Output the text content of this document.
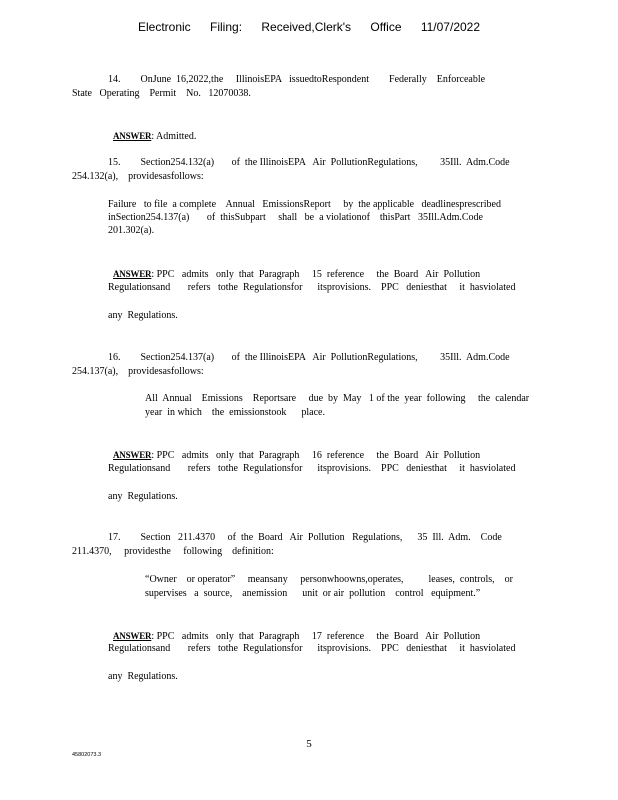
Electronic Filing: Received,Clerk's Office 11/07/2022
14.        OnJune  16,2022,the     IllinoisEPA   issuedtoRespondent        Federally    Enforceable
State   Operating    Permit    No.   12070038.

ANSWER: Admitted.

15.        Section254.132(a)       of  the IllinoisEPA   Air  PollutionRegulations,         35Ill.  Adm.Code
254.132(a),    providesasfollows:
Failure   to file  a complete    Annual   EmissionsReport     by  the applicable   deadlinesprescribed
inSection254.137(a)       of  thisSubpart     shall   be  a violationof    thisPart   35Ill.Adm.Code
201.302(a).

ANSWER: PPC   admits   only  that  Paragraph     15  reference     the  Board   Air  Pollution

Regulationsand       refers   tothe  Regulationsfor      itsprovisions.    PPC   deniesthat     it  hasviolated
any  Regulations.
16.        Section254.137(a)       of  the IllinoisEPA   Air  PollutionRegulations,         35Ill.  Adm.Code
254.137(a),    providesasfollows:
All  Annual    Emissions    Reportsare     due  by  May   1 of the  year  following     the  calendar
year  in which    the  emissionstook      place.

ANSWER: PPC   admits   only  that  Paragraph     16  reference     the  Board   Air  Pollution

Regulationsand       refers   tothe  Regulationsfor      itsprovisions.    PPC   deniesthat     it  hasviolated
any  Regulations.
17.        Section   211.4370     of  the  Board   Air  Pollution   Regulations,      35  Ill.  Adm.    Code
211.4370,     providesthe     following    definition:
“Owner    or operator”     meansany     personwhoowns,operates,          leases,  controls,    or
supervises   a  source,    anemission      unit  or air  pollution    control   equipment.”

ANSWER: PPC   admits   only  that  Paragraph     17  reference     the  Board   Air  Pollution

Regulationsand       refers   tothe  Regulationsfor      itsprovisions.    PPC   deniesthat     it  hasviolated
any  Regulations.
5
45802073.3
